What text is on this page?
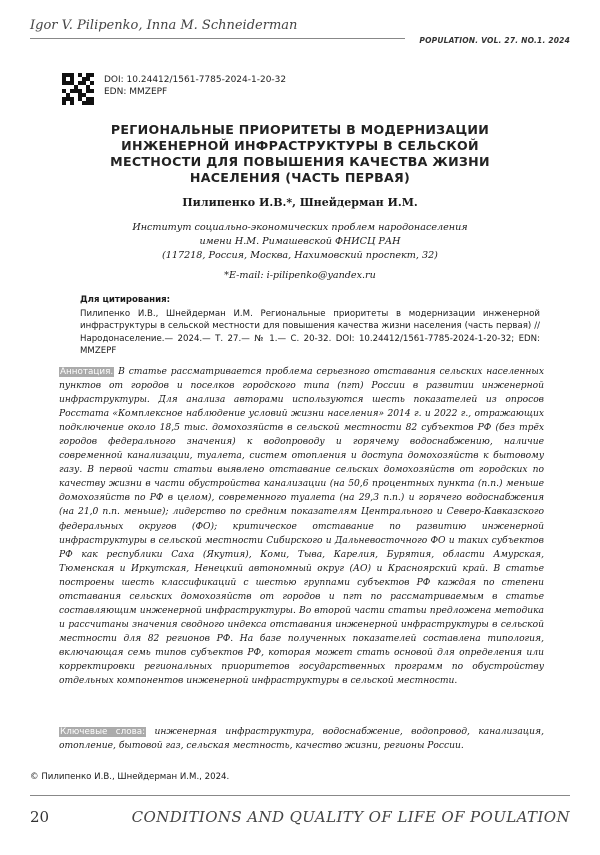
Igor V. Pilipenko, Inna M. Schneiderman
POPULATION. VOL. 27. NO.1. 2024
DOI: 10.24412/1561-7785-2024-1-20-32
EDN: MMZEPF
РЕГИОНАЛЬНЫЕ ПРИОРИТЕТЫ В МОДЕРНИЗАЦИИ ИНЖЕНЕРНОЙ ИНФРАСТРУКТУРЫ В СЕЛЬСКОЙ МЕСТНОСТИ ДЛЯ ПОВЫШЕНИЯ КАЧЕСТВА ЖИЗНИ НАСЕЛЕНИЯ (ЧАСТЬ ПЕРВАЯ)
Пилипенко И.В.*, Шнейдерман И.М.
Институт социально-экономических проблем народонаселения
имени Н.М. Римашевской ФНИСЦ РАН
(117218, Россия, Москва, Нахимовский проспект, 32)
*E-mail: i-pilipenko@yandex.ru
Для цитирования:
Пилипенко И.В., Шнейдерман И.М. Региональные приоритеты в модернизации инженерной инфраструктуры в сельской местности для повышения качества жизни населения (часть первая) // Народонаселение.— 2024.— Т. 27.— № 1.— С. 20-32. DOI: 10.24412/1561-7785-2024-1-20-32; EDN: MMZEPF
Аннотация. В статье рассматривается проблема серьезного отставания сельских населенных пунктов от городов и поселков городского типа (пгт) России в развитии инженерной инфраструктуры. Для анализа авторами используются шесть показателей из опросов Росстата «Комплексное наблюдение условий жизни населения» 2014 г. и 2022 г., отражающих подключение около 18,5 тыс. домохозяйств в сельской местности 82 субъектов РФ (без трёх городов федерального значения) к водопроводу и горячему водоснабжению, наличие современной канализации, туалета, систем отопления и доступа домохозяйств к бытовому газу. В первой части статьи выявлено отставание сельских домохозяйств от городских по качеству жизни в части обустройства канализации (на 50,6 процентных пункта (п.п.) меньше домохозяйств по РФ в целом), современного туалета (на 29,3 п.п.) и горячего водоснабжения (на 21,0 п.п. меньше); лидерство по средним показателям Центрального и Северо-Кавказского федеральных округов (ФО); критическое отставание по развитию инженерной инфраструктуры в сельской местности Сибирского и Дальневосточного ФО и таких субъектов РФ как республики Саха (Якутия), Коми, Тыва, Карелия, Бурятия, области Амурская, Тюменская и Иркутская, Ненецкий автономный округ (АО) и Красноярский край. В статье построены шесть классификаций с шестью группами субъектов РФ каждая по степени отставания сельских домохозяйств от городов и пгт по рассматриваемым в статье составляющим инженерной инфраструктуры. Во второй части статьи предложена методика и рассчитаны значения сводного индекса отставания инженерной инфраструктуры в сельской местности для 82 регионов РФ. На базе полученных показателей составлена типология, включающая семь типов субъектов РФ, которая может стать основой для определения или корректировки региональных приоритетов государственных программ по обустройству отдельных компонентов инженерной инфраструктуры в сельской местности.
Ключевые слова: инженерная инфраструктура, водоснабжение, водопровод, канализация, отопление, бытовой газ, сельская местность, качество жизни, регионы России.
© Пилипенко И.В., Шнейдерман И.М., 2024.
20	CONDITIONS AND QUALITY OF LIFE OF POULATION
